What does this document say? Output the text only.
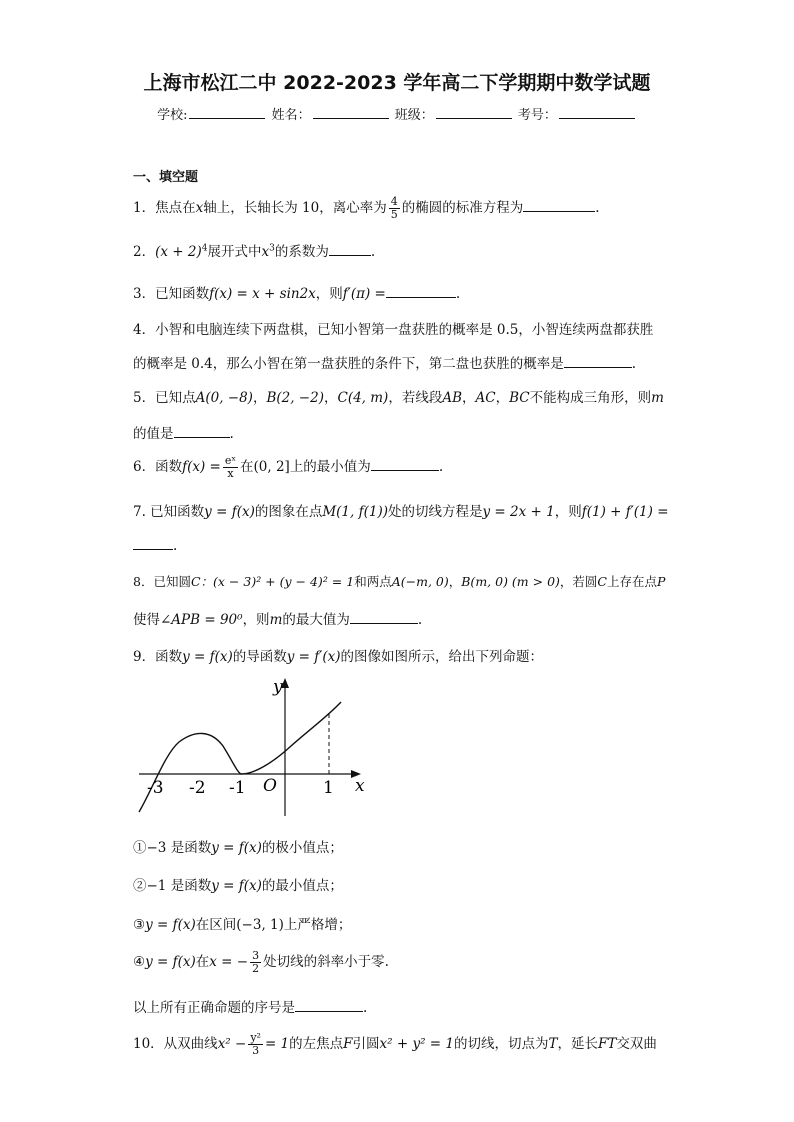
上海市松江二中 2022-2023 学年高二下学期期中数学试题
学校:	姓名：	班级：	考号：
一、填空题
1．焦点在x轴上，长轴长为 10，离心率为 $\frac{4}{5}$ 的椭圆的标准方程为	.
2．$(x + 2)^4$展开式中$x^3$的系数为	.
3．已知函数f(x) = x + sin2x，则f′(π) =	.
4．小智和电脑连续下两盘棋，已知小智第一盘获胜的概率是 0.5，小智连续两盘都获胜
的概率是 0.4，那么小智在第一盘获胜的条件下，第二盘也获胜的概率是	.
5．已知点A(0, −8)，B(2, −2)，C(4, m)，若线段AB，AC，BC不能构成三角形，则m
的值是	.
6．函数$f(x) = \frac{\text{eˣ}}{x}$ 在(0, 2]上的最小值为	.
7. 已知函数y = f(x)的图象在点M(1, f(1))处的切线方程是y = 2x + 1，则f(1) + f′(1) =
.
8．已知圆C：(x − 3)² + (y − 4)² = 1和两点A(−m, 0)，B(m, 0) (m > 0)，若圆C上存在点P
使得∠APB = 90⁰，则m的最大值为	.
9．函数y = f(x)的导函数y = f′(x)的图像如图所示，给出下列命题：
y
x
O
-3 -2 -1	1
①−3 是函数y = f(x)的极小值点；
②−1 是函数y = f(x)的最小值点；
③y = f(x)在区间(−3, 1)上严格增；
④y = f(x)在x = − $\frac{3}{2}$ 处切线的斜率小于零.
以上所有正确命题的序号是	.
10．从双曲线$x^2 - \frac{\text{y²}}{3} = 1$的左焦点F引圆x² + y² = 1的切线，切点为T，延长FT交双曲
